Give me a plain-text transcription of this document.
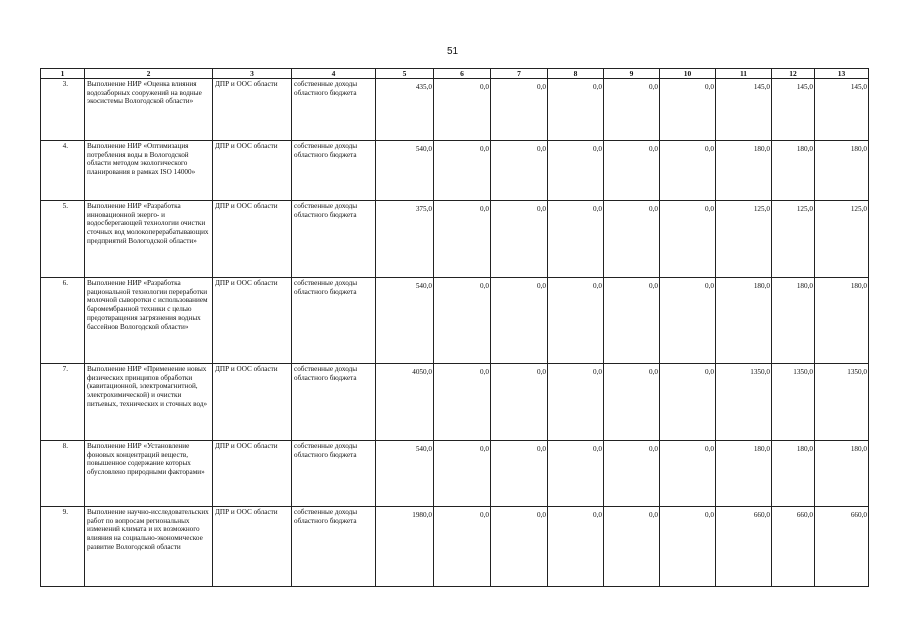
51
1	2	3	4	5	6	7	8	9	10	11	12	13
3.	Выполнение НИР «Оценка влияния водозаборных сооружений на водные экосистемы Вологодской области»	ДПР и ООС области	собственные доходы областного бюджета	435,0	0,0	0,0	0,0	0,0	0,0	145,0	145,0	145,0
4.	Выполнение НИР «Оптимизация потребления воды в Вологодской области методом экологического планирования в рамках ISO 14000»	ДПР и ООС области	собственные доходы областного бюджета	540,0	0,0	0,0	0,0	0,0	0,0	180,0	180,0	180,0
5.	Выполнение НИР «Разработка инновационной энерго- и водосберегающей технологии очистки сточных вод молокоперерабатывающих предприятий Вологодской области»	ДПР и ООС области	собственные доходы областного бюджета	375,0	0,0	0,0	0,0	0,0	0,0	125,0	125,0	125,0
6.	Выполнение НИР «Разработка рациональной технологии переработки молочной сыворотки с использованием баромембранной техники с целью предотвращения загрязнения водных бассейнов Вологодской области»	ДПР и ООС области	собственные доходы областного бюджета	540,0	0,0	0,0	0,0	0,0	0,0	180,0	180,0	180,0
7.	Выполнение НИР «Применение новых физических принципов обработки (кавитационной, электромагнитной, электрохимической) и очистки питьевых, технических и сточных вод»	ДПР и ООС области	собственные доходы областного бюджета	4050,0	0,0	0,0	0,0	0,0	0,0	1350,0	1350,0	1350,0
8.	Выполнение НИР «Установление фоновых концентраций веществ, повышенное содержание которых обусловлено природными факторами»	ДПР и ООС области	собственные доходы областного бюджета	540,0	0,0	0,0	0,0	0,0	0,0	180,0	180,0	180,0
9.	Выполнение научно-исследовательских работ по вопросам региональных изменений климата и их возможного влияния на социально-экономическое развитие Вологодской области	ДПР и ООС области	собственные доходы областного бюджета	1980,0	0,0	0,0	0,0	0,0	0,0	660,0	660,0	660,0
